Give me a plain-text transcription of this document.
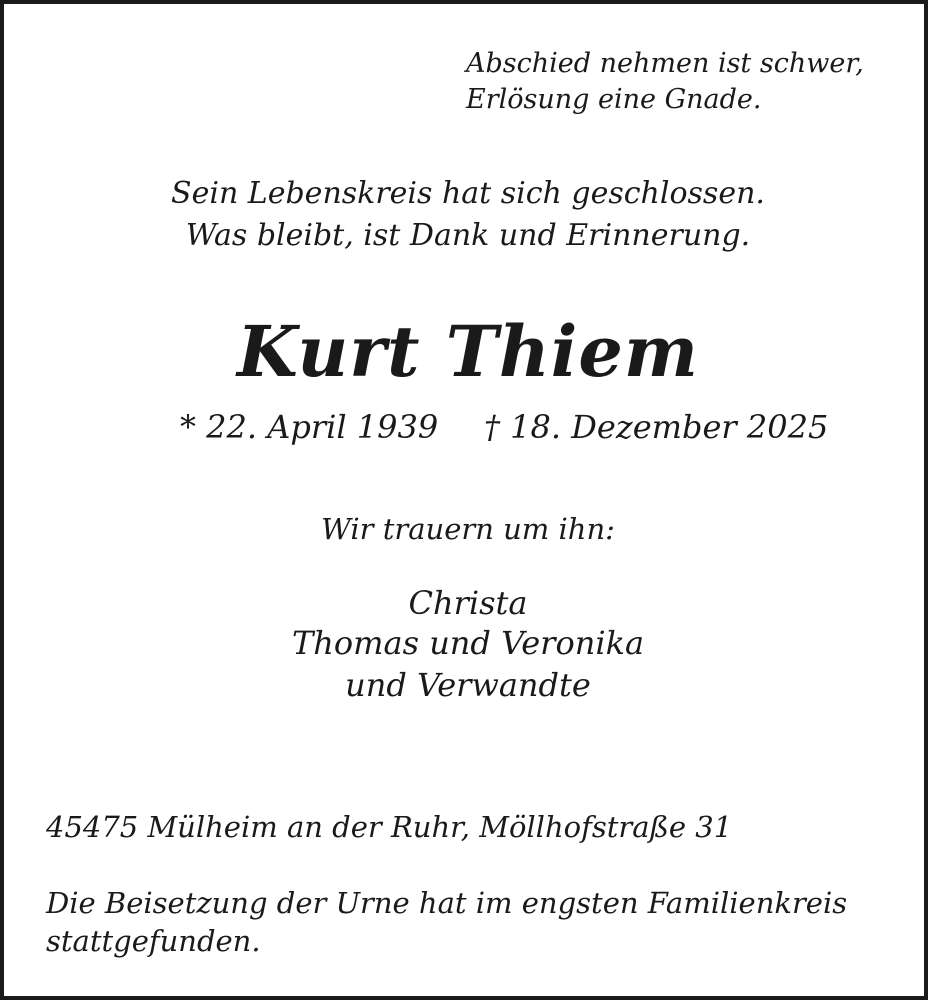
Abschied nehmen ist schwer,

Erlösung eine Gnade.

Sein Lebenskreis hat sich geschlossen.

Was bleibt, ist Dank und Erinnerung.

Kurt Thiem

* 22. April 1939 † 18. Dezember 2025

Wir trauern um ihn:

Christa

Thomas und Veronika

und Verwandte

45475 Mülheim an der Ruhr, Möllhofstraße 31

Die Beisetzung der Urne hat im engsten Familienkreis

stattgefunden.
